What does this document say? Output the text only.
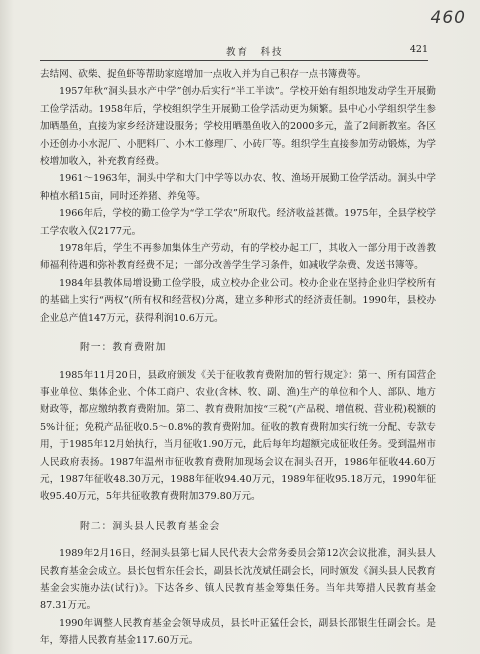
460
教育　科技	421

去结网、砍柴、捉鱼虾等帮助家庭增加一点收入并为自己积存一点书簿费等。

1957年秋“洞头县水产中学”创办后实行“半工半读”。学校开始有组织地发动学生开展勤工俭学活动。1958年后，学校组织学生开展勤工俭学活动更为频繁。县中心小学组织学生参加晒墨鱼，直接为家乡经济建设服务；学校用晒墨鱼收入的2000多元，盖了2间新教室。各区小还创办小水泥厂、小肥料厂、小木工修理厂、小砖厂等。组织学生直接参加劳动锻炼，为学校增加收入，补充教育经费。

1961～1963年，洞头中学和大门中学等以办农、牧、渔场开展勤工俭学活动。洞头中学种植水稻15亩，同时还养猪、养兔等。

1966年后，学校的勤工俭学为“学工学农”所取代。经济收益甚微。1975年，全县学校学工学农收入仅2177元。

1978年后，学生不再参加集体生产劳动，有的学校办起工厂，其收入一部分用于改善教师福利待遇和弥补教育经费不足；一部分改善学生学习条件，如减收学杂费、发送书簿等。

1984年县教体局增设勤工俭学股，成立校办企业公司。校办企业在坚持企业归学校所有的基础上实行“两权”(所有权和经营权)分离，建立多种形式的经济责任制。1990年，县校办企业总产值147万元，获得利润10.6万元。

附一：教育费附加

1985年11月20日，县政府颁发《关于征收教育费附加的暂行规定》：第一、所有国营企事业单位、集体企业、个体工商户、农业(含林、牧、副、渔)生产的单位和个人、部队、地方财政等，都应缴纳教育费附加。第二、教育费附加按“三税”(产品税、增值税、营业税)税额的5%计征；免税产品征收0.5～0.8%的教育费附加。征收的教育费附加实行统一分配、专款专用，于1985年12月始执行，当月征收1.90万元，此后每年均超额完成征收任务。受到温州市人民政府表扬。1987年温州市征收教育费附加现场会议在洞头召开，1986年征收44.60万元，1987年征收48.30万元，1988年征收94.40万元，1989年征收95.18万元，1990年征收95.40万元，5年共征收教育费附加379.80万元。

附二：洞头县人民教育基金会

1989年2月16日，经洞头县第七届人民代表大会常务委员会第12次会议批准，洞头县人民教育基金会成立。县长包哲东任会长，副县长沈茂斌任副会长，同时颁发《洞头县人民教育基金会实施办法(试行)》。下达各乡、镇人民教育基金筹集任务。当年共筹措人民教育基金87.31万元。

1990年调整人民教育基金会领导成员，县长叶正猛任会长，副县长邵银生任副会长。是年，筹措人民教育基金117.60万元。
